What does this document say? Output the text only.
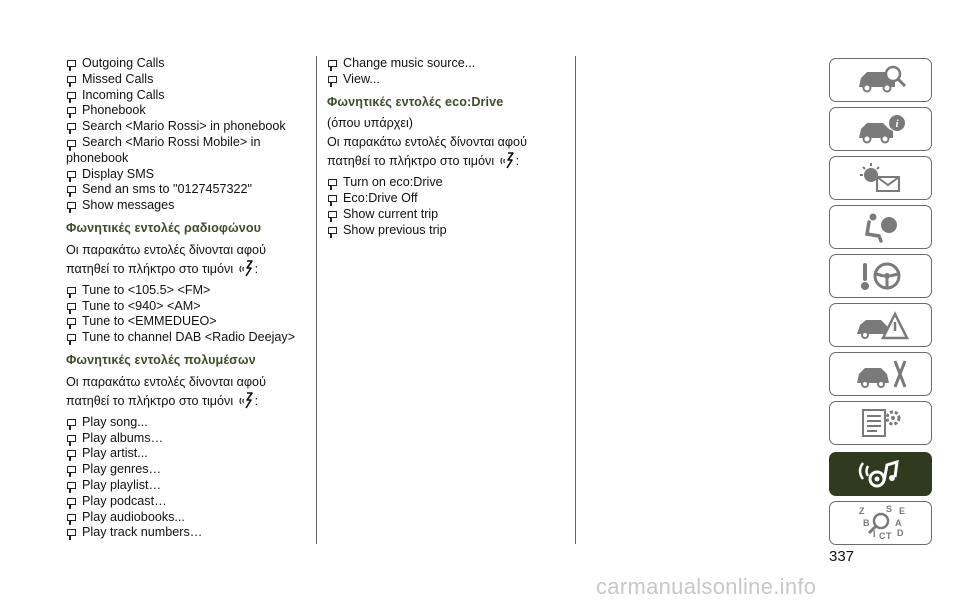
Outgoing Calls
Missed Calls
Incoming Calls
Phonebook
Search <Mario Rossi> in phonebook
Search <Mario Rossi Mobile> in phonebook
Display SMS
Send an sms to "0127457322"
Show messages
Φωνητικές εντολές ραδιοφώνου
Οι παρακάτω εντολές δίνονται αφού
πατηθεί το πλήκτρο στο τιμόνι :
Tune to <105.5> <FM>
Tune to <940> <AM>
Tune to <EMMEDUEO>
Tune to channel DAB <Radio Deejay>
Φωνητικές εντολές πολυμέσων
Οι παρακάτω εντολές δίνονται αφού
πατηθεί το πλήκτρο στο τιμόνι :
Play song...
Play albums…
Play artist...
Play genres…
Play playlist…
Play podcast…
Play audiobooks...
Play track numbers…
Change music source...
View...
Φωνητικές εντολές eco:Drive
(όπου υπάρχει)
Οι παρακάτω εντολές δίνονται αφού
πατηθεί το πλήκτρο στο τιμόνι :
Turn on eco:Drive
Eco:Drive Off
Show current trip
Show previous trip
i
Z S E
B	A
I C T D
337
carmanualsonline.info
